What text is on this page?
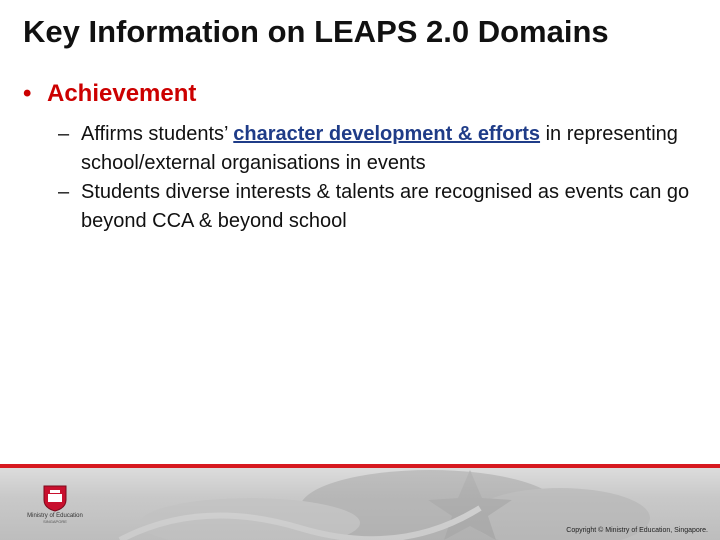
Key Information on LEAPS 2.0 Domains
• Achievement
– Affirms students’ character development & efforts in representing school/external organisations in events
– Students diverse interests & talents are recognised as events can go beyond CCA & beyond school
Ministry of Education
SINGAPORE
Copyright © Ministry of Education, Singapore.
